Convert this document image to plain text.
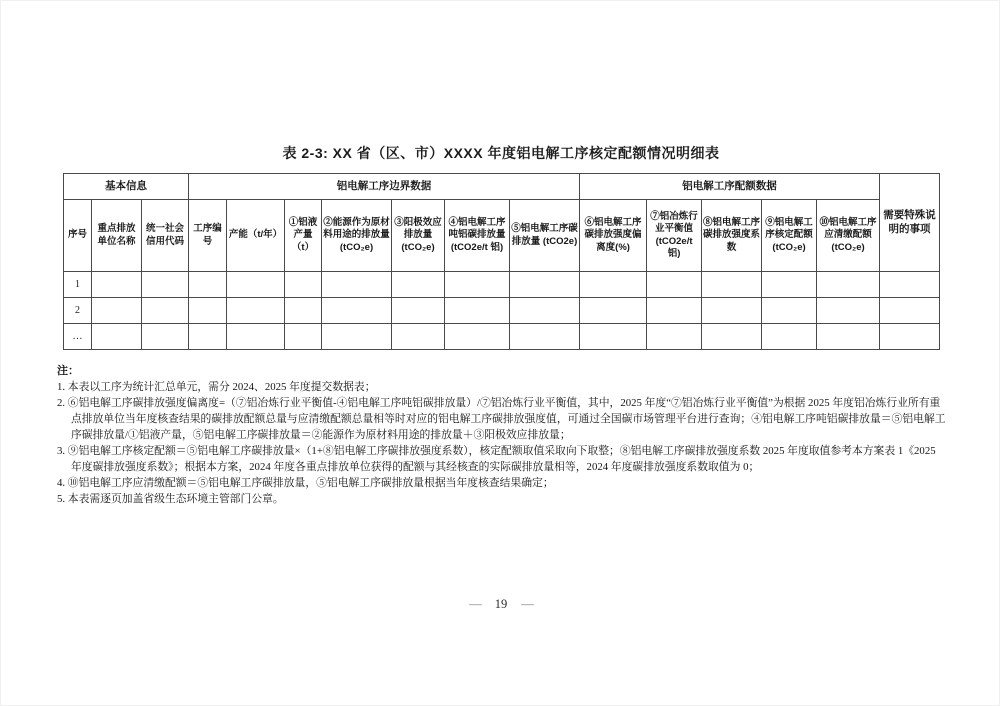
表 2-3: XX 省（区、市）XXXX 年度铝电解工序核定配额情况明细表
基本信息			铝电解工序边界数据							铝电解工序配额数据					需要特殊说明的事项
序号	重点排放单位名称	统一社会信用代码	工序编号	产能（t/年）	①铝液产量（t）	②能源作为原材料用途的排放量 (tCO₂e)	③阳极效应排放量 (tCO₂e)	④铝电解工序吨铝碳排放量 (tCO2e/t 铝)	⑤铝电解工序碳排放量 (tCO2e)	⑥铝电解工序碳排放强度偏离度(%)	⑦铝冶炼行业平衡值 (tCO2e/t 铝)	⑧铝电解工序碳排放强度系数	⑨铝电解工序核定配额 (tCO₂e)	⑩铝电解工序应清缴配额 (tCO₂e)	
1															
2															
…															
注：
1. 本表以工序为统计汇总单元，需分 2024、2025 年度提交数据表；
2. ⑥铝电解工序碳排放强度偏离度=（⑦铝冶炼行业平衡值-④铝电解工序吨铝碳排放量）/⑦铝冶炼行业平衡值，其中，2025 年度“⑦铝冶炼行业平衡值”为根据 2025 年度铝冶炼行业所有重点排放单位当年度核查结果的碳排放配额总量与应清缴配额总量相等时对应的铝电解工序碳排放强度值，可通过全国碳市场管理平台进行查询；④铝电解工序吨铝碳排放量＝⑤铝电解工序碳排放量/①铝液产量，⑤铝电解工序碳排放量＝②能源作为原材料用途的排放量＋③阳极效应排放量；
3. ⑨铝电解工序核定配额＝⑤铝电解工序碳排放量×（1+⑧铝电解工序碳排放强度系数），核定配额取值采取向下取整；⑧铝电解工序碳排放强度系数 2025 年度取值参考本方案表 1《2025 年度碳排放强度系数》；根据本方案，2024 年度各重点排放单位获得的配额与其经核查的实际碳排放量相等，2024 年度碳排放强度系数取值为 0；
4. ⑩铝电解工序应清缴配额＝⑤铝电解工序碳排放量，⑤铝电解工序碳排放量根据当年度核查结果确定；
5. 本表需逐页加盖省级生态环境主管部门公章。
— 19 —
